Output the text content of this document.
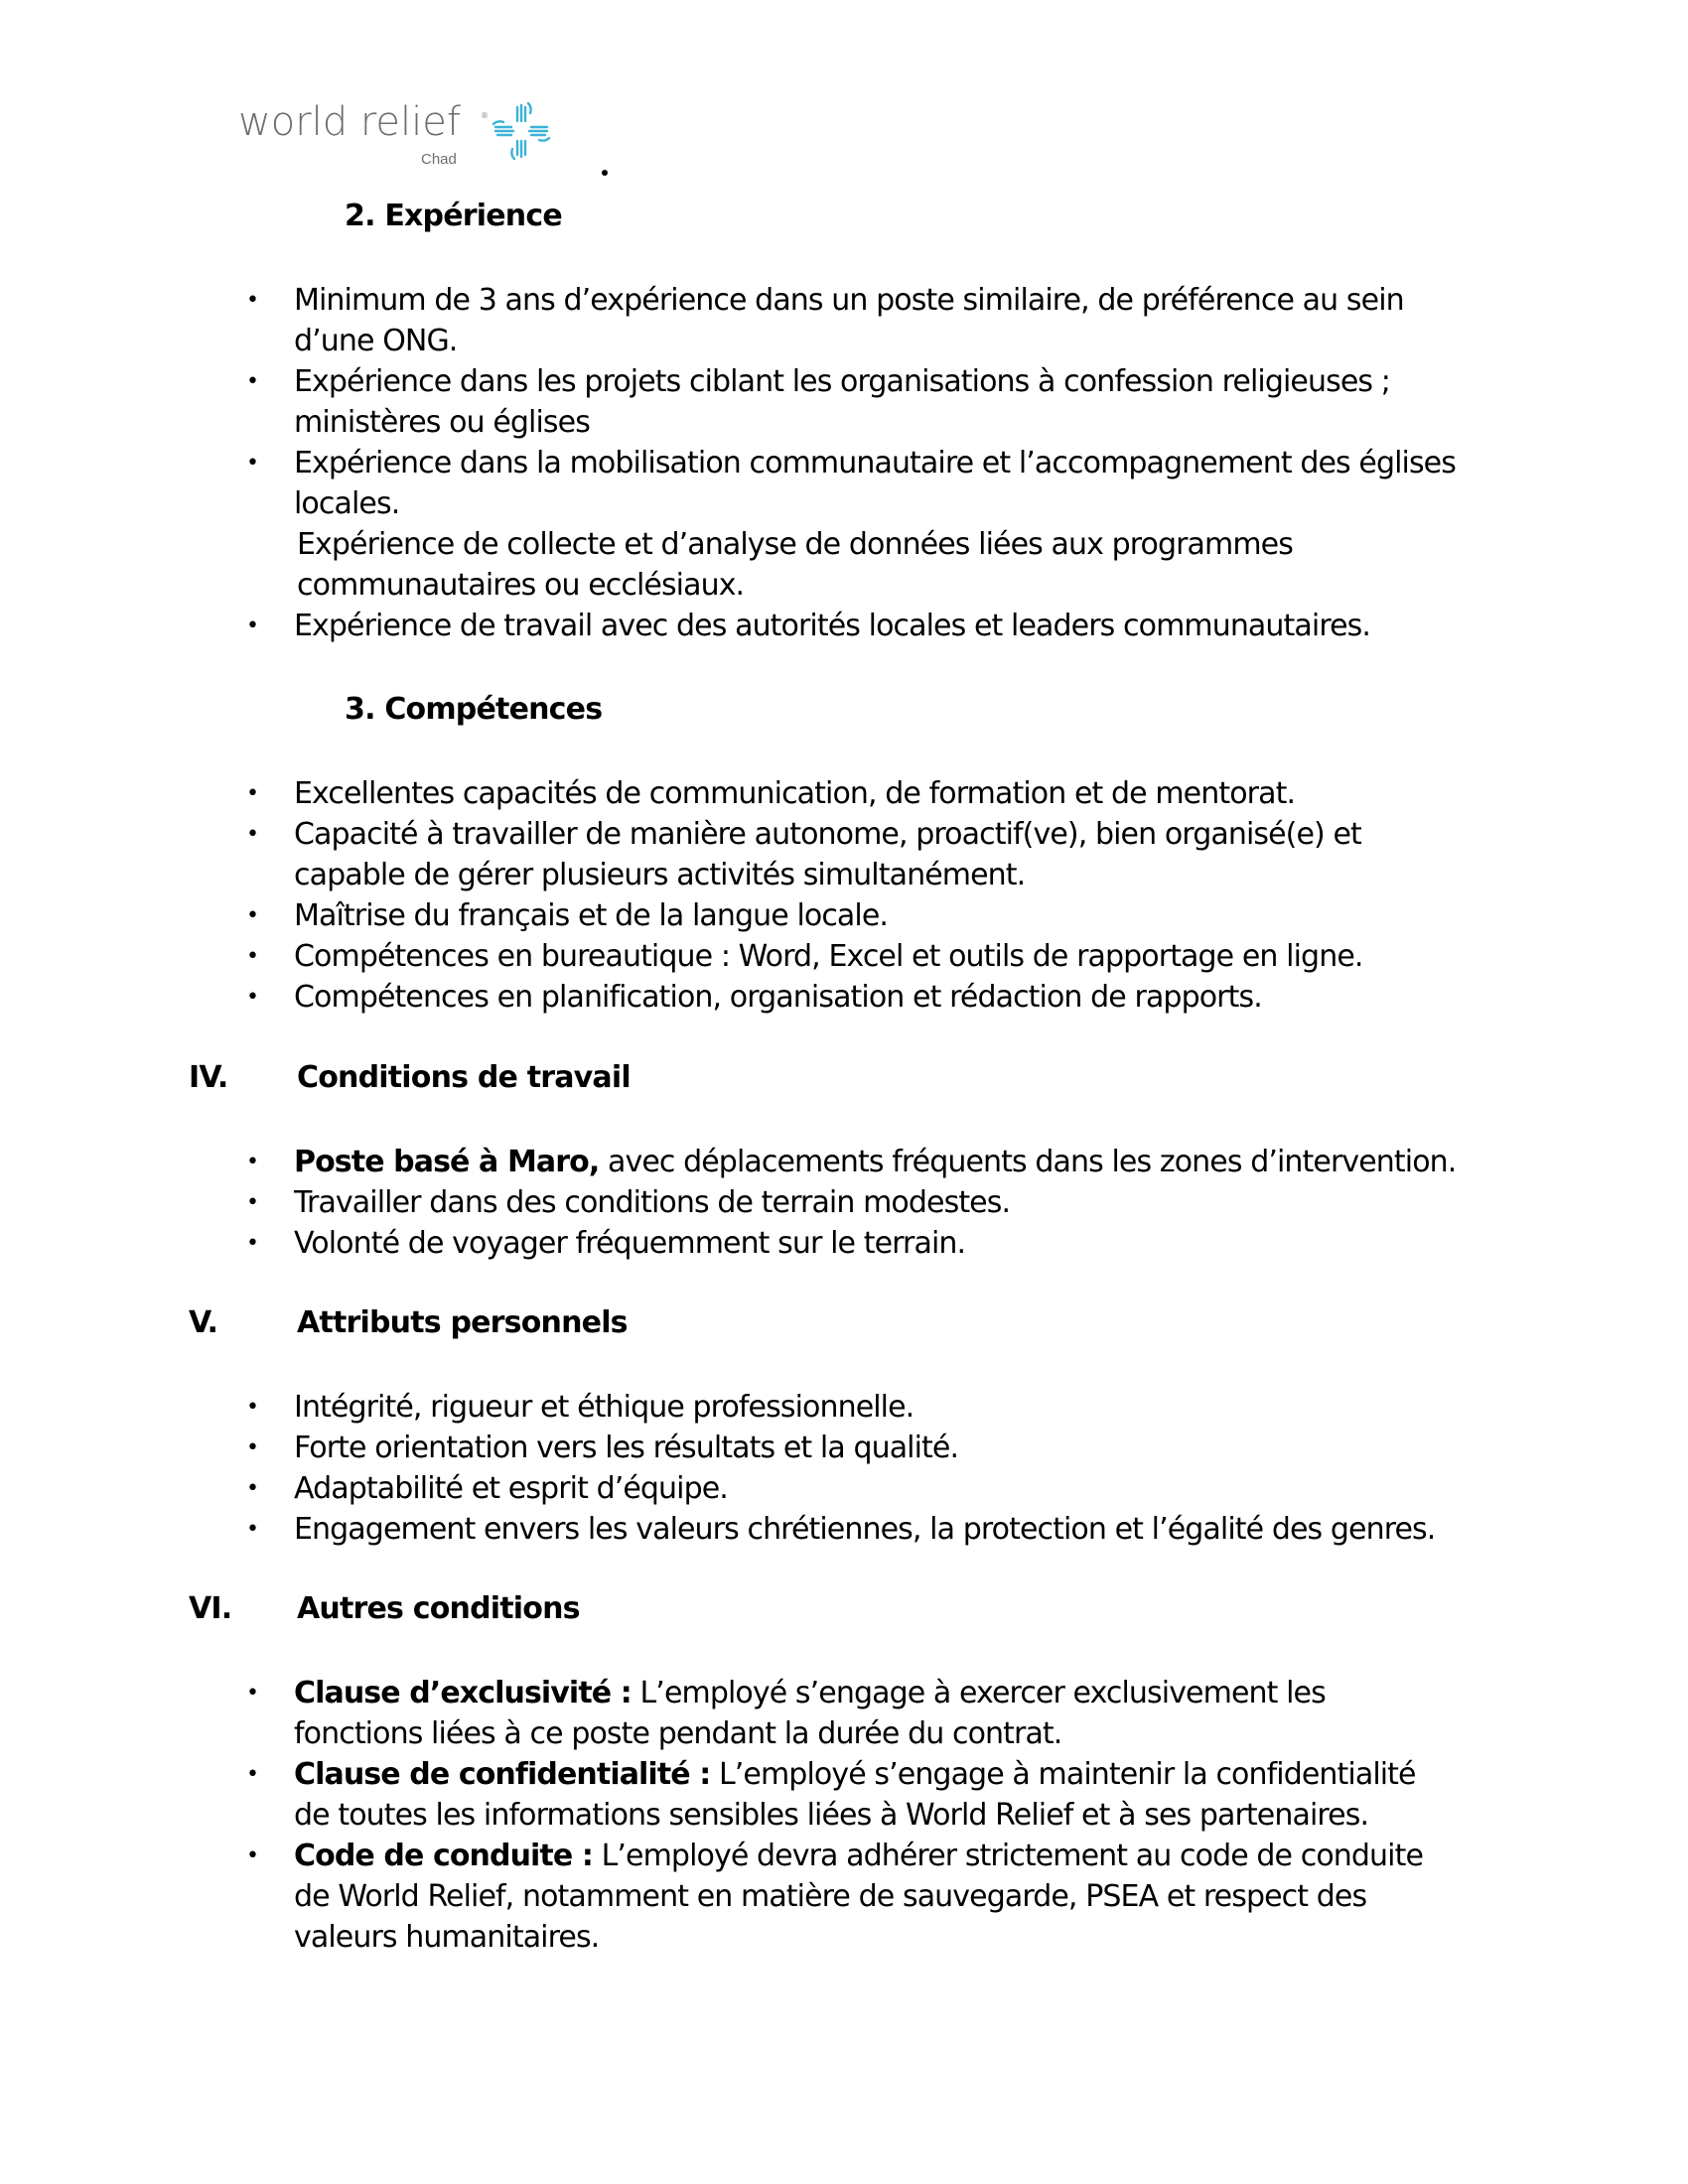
world relief	®
Chad
2. Expérience
• Minimum de 3 ans d’expérience dans un poste similaire, de préférence au sein
d’une ONG.
• Expérience dans les projets ciblant les organisations à confession religieuses ;
ministères ou églises
• Expérience dans la mobilisation communautaire et l’accompagnement des églises
locales.
Expérience de collecte et d’analyse de données liées aux programmes
communautaires ou ecclésiaux.
• Expérience de travail avec des autorités locales et leaders communautaires.
3. Compétences
• Excellentes capacités de communication, de formation et de mentorat.
• Capacité à travailler de manière autonome, proactif(ve), bien organisé(e) et
capable de gérer plusieurs activités simultanément.
• Maîtrise du français et de la langue locale.
• Compétences en bureautique : Word, Excel et outils de rapportage en ligne.
• Compétences en planification, organisation et rédaction de rapports.
IV. Conditions de travail
• Poste basé à Maro, avec déplacements fréquents dans les zones d’intervention.
• Travailler dans des conditions de terrain modestes.
• Volonté de voyager fréquemment sur le terrain.
V.	Attributs personnels
• Intégrité, rigueur et éthique professionnelle.
• Forte orientation vers les résultats et la qualité.
• Adaptabilité et esprit d’équipe.
• Engagement envers les valeurs chrétiennes, la protection et l’égalité des genres.
VI. Autres conditions
• Clause d’exclusivité : L’employé s’engage à exercer exclusivement les
fonctions liées à ce poste pendant la durée du contrat.
• Clause de confidentialité : L’employé s’engage à maintenir la confidentialité
de toutes les informations sensibles liées à World Relief et à ses partenaires.
• Code de conduite : L’employé devra adhérer strictement au code de conduite
de World Relief, notamment en matière de sauvegarde, PSEA et respect des
valeurs humanitaires.
